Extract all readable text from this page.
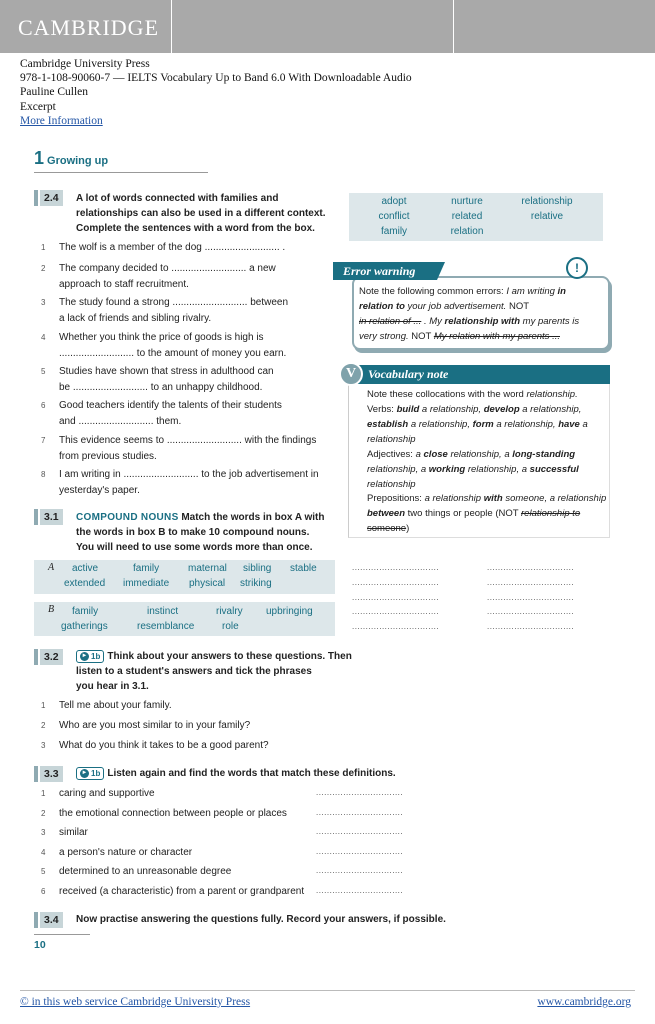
CAMBRIDGE
Cambridge University Press
978-1-108-90060-7 — IELTS Vocabulary Up to Band 6.0 With Downloadable Audio
Pauline Cullen
Excerpt
More Information
1 Growing up
2.4	A lot of words connected with families and
relationships can also be used in a different context.
Complete the sentences with a word from the box.
1 The wolf is a member of the dog ........................... .
2 The company decided to ........................... a new
approach to staff recruitment.
3 The study found a strong ........................... between
a lack of friends and sibling rivalry.
4 Whether you think the price of goods is high is
........................... to the amount of money you earn.
5 Studies have shown that stress in adulthood can
be ........................... to an unhappy childhood.
6 Good teachers identify the talents of their students
and ........................... them.
7 This evidence seems to ........................... with the findings
from previous studies.
8 I am writing in ........................... to the job advertisement in
yesterday's paper.
adopt	nurture	relationship
conflict	related	relative
family	relation
Error warning	!
Note the following common errors: I am writing in
relation to your job advertisement. NOT
in relation of ... . My relationship with my parents is
very strong. NOT My relation with my parents ...
Vocabulary note
V
Note these collocations with the word relationship.
Verbs: build a relationship, develop a relationship,
establish a relationship, form a relationship, have a
relationship
Adjectives: a close relationship, a long-standing
relationship, a working relationship, a successful
relationship
Prepositions: a relationship with someone, a relationship
between two things or people (NOT relationship to
someone)
3.1	COMPOUND NOUNS Match the words in box A with
the words in box B to make 10 compound nouns.
You will need to use some words more than once.
A active	family	maternal sibling stable
extended immediate physical striking
B family	instinct	rivalry upbringing
gatherings	resemblance	role
................................
................................
................................
................................
................................
................................
................................
................................
................................
................................
3.2	► 1b Think about your answers to these questions. Then
listen to a student's answers and tick the phrases
you hear in 3.1.
1 Tell me about your family.
2 Who are you most similar to in your family?
3 What do you think it takes to be a good parent?
3.3	► 1b Listen again and find the words that match these definitions.
1 caring and supportive	................................
2 the emotional connection between people or places	................................
3 similar	................................
4 a person's nature or character	................................
5 determined to an unreasonable degree	................................
6 received (a characteristic) from a parent or grandparent ................................
3.4	Now practise answering the questions fully. Record your answers, if possible.
10
© in this web service Cambridge University Press	www.cambridge.org
